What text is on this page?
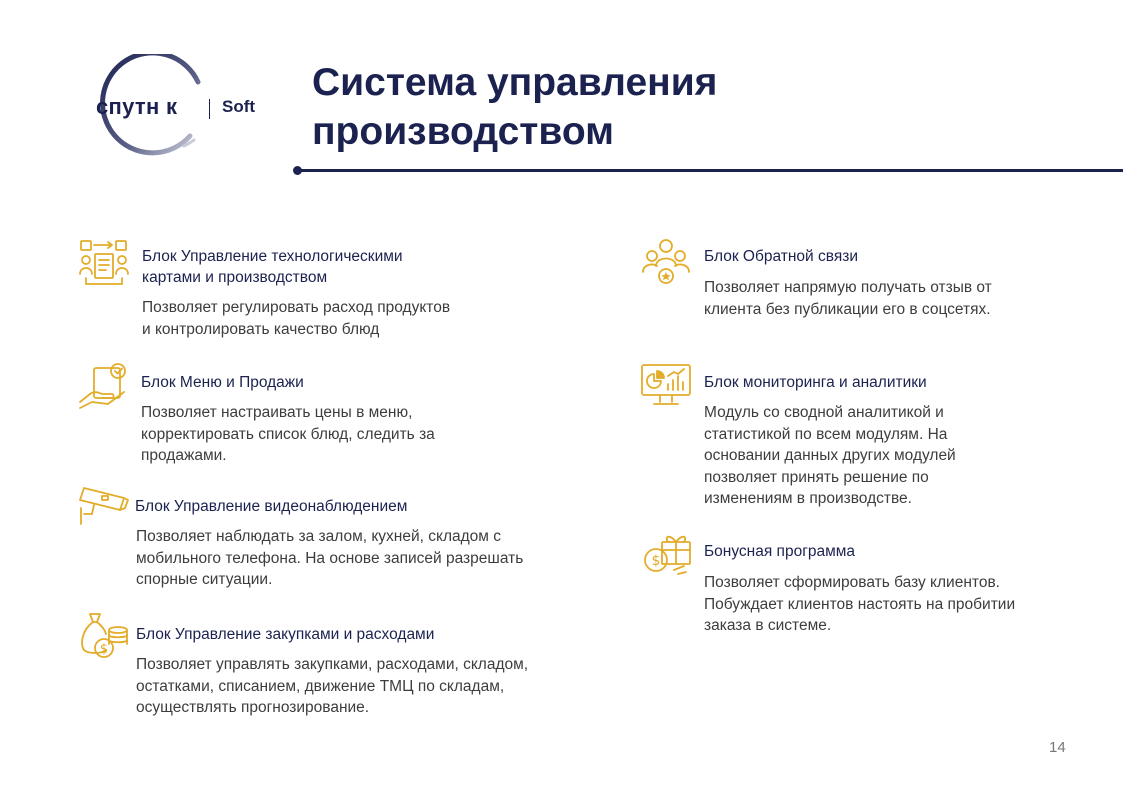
спутн к	Soft
Система управления
производством
Блок Управление технологическими
картами и производством
Позволяет регулировать расход продуктов
и контролировать качество блюд
Блок Меню и Продажи
Позволяет настраивать цены в меню,
корректировать список блюд, следить за
продажами.
Блок Управление видеонаблюдением
Позволяет наблюдать за залом, кухней, складом с
мобильного телефона. На основе записей разрешать
спорные ситуации.
$
Блок Управление закупками и расходами
Позволяет управлять закупками, расходами, складом,
остатками, списанием, движение ТМЦ по складам,
осуществлять прогнозирование.
Блок Обратной связи
Позволяет напрямую получать отзыв от
клиента без публикации его в соцсетях.
Блок мониторинга и аналитики
Модуль со сводной аналитикой и
статистикой по всем модулям. На
основании данных других модулей
позволяет принять решение по
изменениям в производстве.
$
Бонусная программа
Позволяет сформировать базу клиентов.
Побуждает клиентов настоять на пробитии
заказа в системе.
14
